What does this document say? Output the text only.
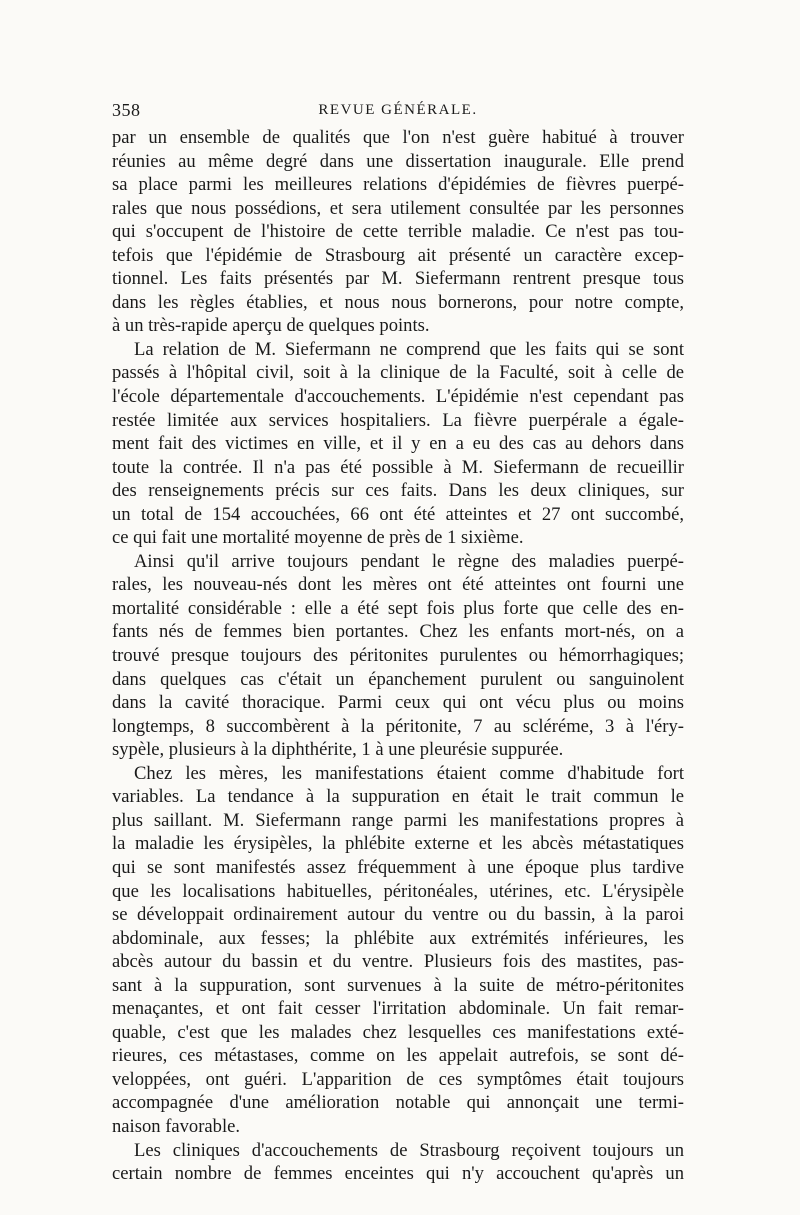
358	REVUE GÉNÉRALE.
par un ensemble de qualités que l'on n'est guère habitué à trouver
réunies au même degré dans une dissertation inaugurale. Elle prend
sa place parmi les meilleures relations d'épidémies de fièvres puerpé-
rales que nous possédions, et sera utilement consultée par les personnes
qui s'occupent de l'histoire de cette terrible maladie. Ce n'est pas tou-
tefois que l'épidémie de Strasbourg ait présenté un caractère excep-
tionnel. Les faits présentés par M. Siefermann rentrent presque tous
dans les règles établies, et nous nous bornerons, pour notre compte,
à un très-rapide aperçu de quelques points.
La relation de M. Siefermann ne comprend que les faits qui se sont
passés à l'hôpital civil, soit à la clinique de la Faculté, soit à celle de
l'école départementale d'accouchements. L'épidémie n'est cependant pas
restée limitée aux services hospitaliers. La fièvre puerpérale a égale-
ment fait des victimes en ville, et il y en a eu des cas au dehors dans
toute la contrée. Il n'a pas été possible à M. Siefermann de recueillir
des renseignements précis sur ces faits. Dans les deux cliniques, sur
un total de 154 accouchées, 66 ont été atteintes et 27 ont succombé,
ce qui fait une mortalité moyenne de près de 1 sixième.
Ainsi qu'il arrive toujours pendant le règne des maladies puerpé-
rales, les nouveau-nés dont les mères ont été atteintes ont fourni une
mortalité considérable : elle a été sept fois plus forte que celle des en-
fants nés de femmes bien portantes. Chez les enfants mort-nés, on a
trouvé presque toujours des péritonites purulentes ou hémorrhagiques;
dans quelques cas c'était un épanchement purulent ou sanguinolent
dans la cavité thoracique. Parmi ceux qui ont vécu plus ou moins
longtemps, 8 succombèrent à la péritonite, 7 au scléréme, 3 à l'éry-
sypèle, plusieurs à la diphthérite, 1 à une pleurésie suppurée.
Chez les mères, les manifestations étaient comme d'habitude fort
variables. La tendance à la suppuration en était le trait commun le
plus saillant. M. Siefermann range parmi les manifestations propres à
la maladie les érysipèles, la phlébite externe et les abcès métastatiques
qui se sont manifestés assez fréquemment à une époque plus tardive
que les localisations habituelles, péritonéales, utérines, etc. L'érysipèle
se développait ordinairement autour du ventre ou du bassin, à la paroi
abdominale, aux fesses; la phlébite aux extrémités inférieures, les
abcès autour du bassin et du ventre. Plusieurs fois des mastites, pas-
sant à la suppuration, sont survenues à la suite de métro-péritonites
menaçantes, et ont fait cesser l'irritation abdominale. Un fait remar-
quable, c'est que les malades chez lesquelles ces manifestations exté-
rieures, ces métastases, comme on les appelait autrefois, se sont dé-
veloppées, ont guéri. L'apparition de ces symptômes était toujours
accompagnée d'une amélioration notable qui annonçait une termi-
naison favorable.
Les cliniques d'accouchements de Strasbourg reçoivent toujours un
certain nombre de femmes enceintes qui n'y accouchent qu'après un
